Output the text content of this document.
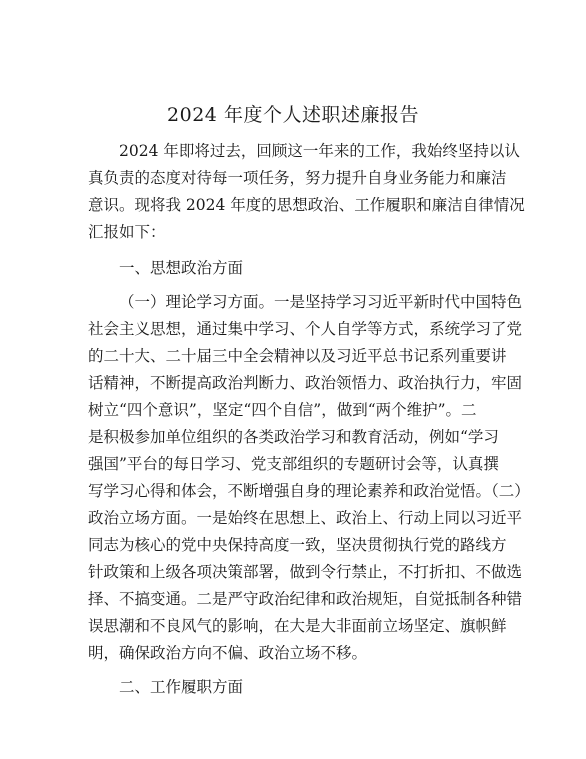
2024 年度个人述职述廉报告
2024 年即将过去，回顾这一年来的工作，我始终坚持以认
真负责的态度对待每一项任务，努力提升自身业务能力和廉洁
意识。现将我 2024 年度的思想政治、工作履职和廉洁自律情况
汇报如下：
一、思想政治方面
（一）理论学习方面。一是坚持学习习近平新时代中国特色
社会主义思想，通过集中学习、个人自学等方式，系统学习了党
的二十大、二十届三中全会精神以及习近平总书记系列重要讲
话精神，不断提高政治判断力、政治领悟力、政治执行力，牢固
树立“四个意识”，坚定“四个自信”，做到“两个维护”。二
是积极参加单位组织的各类政治学习和教育活动，例如“学习
强国”平台的每日学习、党支部组织的专题研讨会等，认真撰
写学习心得和体会，不断增强自身的理论素养和政治觉悟。（二）
政治立场方面。一是始终在思想上、政治上、行动上同以习近平
同志为核心的党中央保持高度一致，坚决贯彻执行党的路线方
针政策和上级各项决策部署，做到令行禁止，不打折扣、不做选
择、不搞变通。二是严守政治纪律和政治规矩，自觉抵制各种错
误思潮和不良风气的影响，在大是大非面前立场坚定、旗帜鲜
明，确保政治方向不偏、政治立场不移。
二、工作履职方面
